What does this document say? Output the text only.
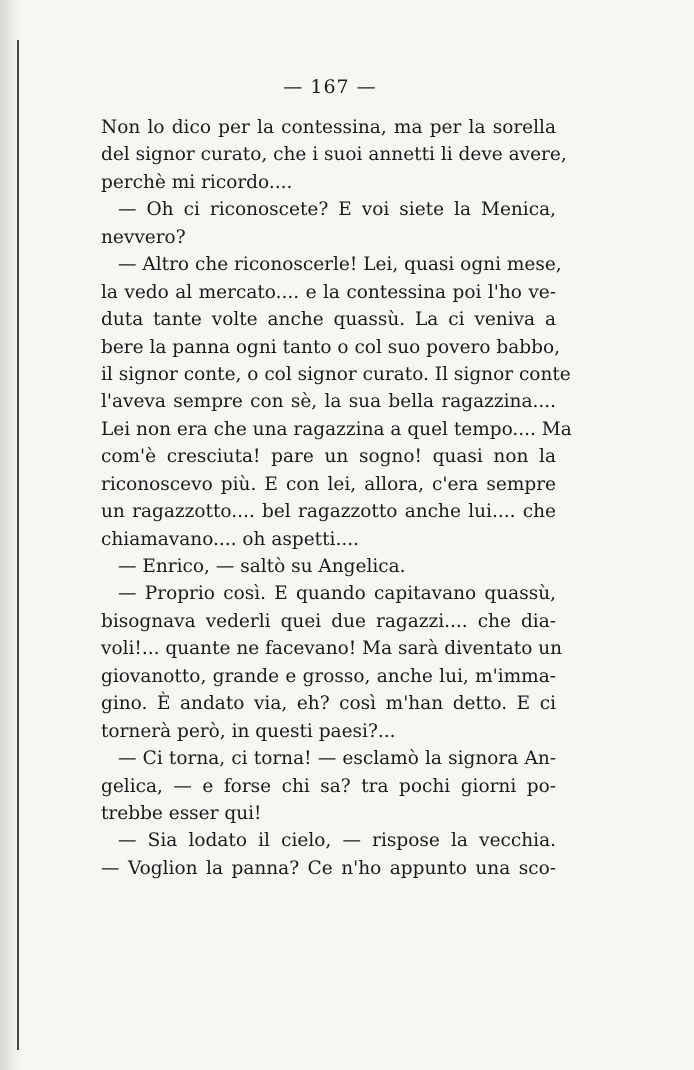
— 167 —
Non lo dico per la contessina, ma per la sorella
del signor curato, che i suoi annetti li deve avere,
perchè mi ricordo....
— Oh ci riconoscete? E voi siete la Menica,
nevvero?
— Altro che riconoscerle! Lei, quasi ogni mese,
la vedo al mercato.... e la contessina poi l'ho ve-
duta tante volte anche quassù. La ci veniva a
bere la panna ogni tanto o col suo povero babbo,
il signor conte, o col signor curato. Il signor conte
l'aveva sempre con sè, la sua bella ragazzina....
Lei non era che una ragazzina a quel tempo.... Ma
com'è cresciuta! pare un sogno! quasi non la
riconoscevo più. E con lei, allora, c'era sempre
un ragazzotto.... bel ragazzotto anche lui.... che
chiamavano.... oh aspetti....
— Enrico, — saltò su Angelica.
— Proprio così. E quando capitavano quassù,
bisognava vederli quei due ragazzi.... che dia-
voli!... quante ne facevano! Ma sarà diventato un
giovanotto, grande e grosso, anche lui, m'imma-
gino. È andato via, eh? così m'han detto. E ci
tornerà però, in questi paesi?...
— Ci torna, ci torna! — esclamò la signora An-
gelica, — e forse chi sa? tra pochi giorni po-
trebbe esser qui!
— Sia lodato il cielo, — rispose la vecchia.
— Voglion la panna? Ce n'ho appunto una sco-
